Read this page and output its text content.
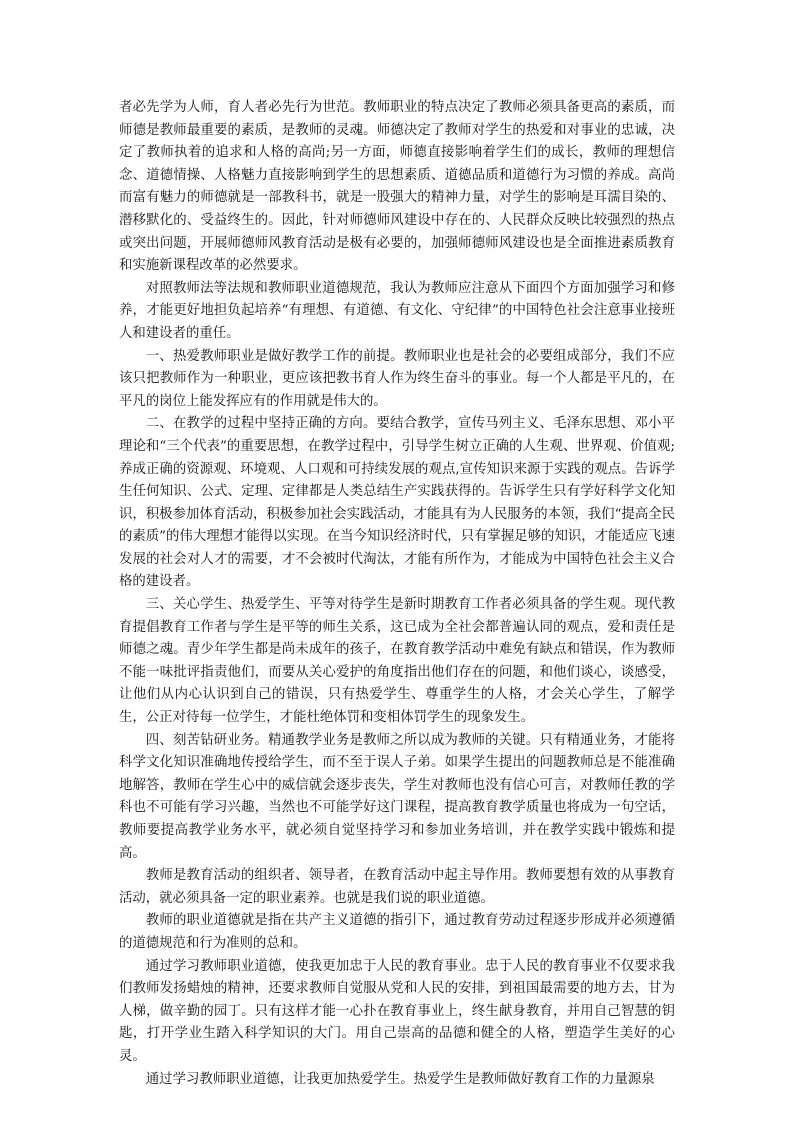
者必先学为人师，育人者必先行为世范。教师职业的特点决定了教师必须具备更高的素质，而师德是教师最重要的素质，是教师的灵魂。师德决定了教师对学生的热爱和对事业的忠诚，决定了教师执着的追求和人格的高尚;另一方面，师德直接影响着学生们的成长，教师的理想信念、道德情操、人格魅力直接影响到学生的思想素质、道德品质和道德行为习惯的养成。高尚而富有魅力的师德就是一部教科书，就是一股强大的精神力量，对学生的影响是耳濡目染的、潜移默化的、受益终生的。因此，针对师德师风建设中存在的、人民群众反映比较强烈的热点或突出问题，开展师德师风教育活动是极有必要的，加强师德师风建设也是全面推进素质教育和实施新课程改革的必然要求。

对照教师法等法规和教师职业道德规范，我认为教师应注意从下面四个方面加强学习和修养，才能更好地担负起培养“有理想、有道德、有文化、守纪律”的中国特色社会注意事业接班人和建设者的重任。

一、热爱教师职业是做好教学工作的前提。教师职业也是社会的必要组成部分，我们不应该只把教师作为一种职业，更应该把教书育人作为终生奋斗的事业。每一个人都是平凡的，在平凡的岗位上能发挥应有的作用就是伟大的。

二、在教学的过程中坚持正确的方向。要结合教学，宣传马列主义、毛泽东思想、邓小平理论和“三个代表”的重要思想，在教学过程中，引导学生树立正确的人生观、世界观、价值观;养成正确的资源观、环境观、人口观和可持续发展的观点,宣传知识来源于实践的观点。告诉学生任何知识、公式、定理、定律都是人类总结生产实践获得的。告诉学生只有学好科学文化知识，积极参加体育活动，积极参加社会实践活动，才能具有为人民服务的本领，我们“提高全民的素质”的伟大理想才能得以实现。在当今知识经济时代，只有掌握足够的知识，才能适应飞速发展的社会对人才的需要，才不会被时代淘汰，才能有所作为，才能成为中国特色社会主义合格的建设者。

三、关心学生、热爱学生、平等对待学生是新时期教育工作者必须具备的学生观。现代教育提倡教育工作者与学生是平等的师生关系，这已成为全社会都普遍认同的观点，爱和责任是师德之魂。青少年学生都是尚未成年的孩子，在教育教学活动中难免有缺点和错误，作为教师不能一味批评指责他们，而要从关心爱护的角度指出他们存在的问题，和他们谈心，谈感受，让他们从内心认识到自己的错误，只有热爱学生、尊重学生的人格，才会关心学生，了解学生，公正对待每一位学生，才能杜绝体罚和变相体罚学生的现象发生。

四、刻苦钻研业务。精通教学业务是教师之所以成为教师的关键。只有精通业务，才能将科学文化知识准确地传授给学生，而不至于误人子弟。如果学生提出的问题教师总是不能准确地解答，教师在学生心中的威信就会逐步丧失，学生对教师也没有信心可言，对教师任教的学科也不可能有学习兴趣，当然也不可能学好这门课程，提高教育教学质量也将成为一句空话，教师要提高教学业务水平，就必须自觉坚持学习和参加业务培训，并在教学实践中锻炼和提高。

教师是教育活动的组织者、领导者，在教育活动中起主导作用。教师要想有效的从事教育活动，就必须具备一定的职业素养。也就是我们说的职业道德。

教师的职业道德就是指在共产主义道德的指引下，通过教育劳动过程逐步形成并必须遵循的道德规范和行为准则的总和。

通过学习教师职业道德，使我更加忠于人民的教育事业。忠于人民的教育事业不仅要求我们教师发扬蜡烛的精神，还要求教师自觉服从党和人民的安排，到祖国最需要的地方去，甘为人梯，做辛勤的园丁。只有这样才能一心扑在教育事业上，终生献身教育，并用自己智慧的钥匙，打开学业生踏入科学知识的大门。用自己崇高的品德和健全的人格，塑造学生美好的心灵。

通过学习教师职业道德，让我更加热爱学生。热爱学生是教师做好教育工作的力量源泉
